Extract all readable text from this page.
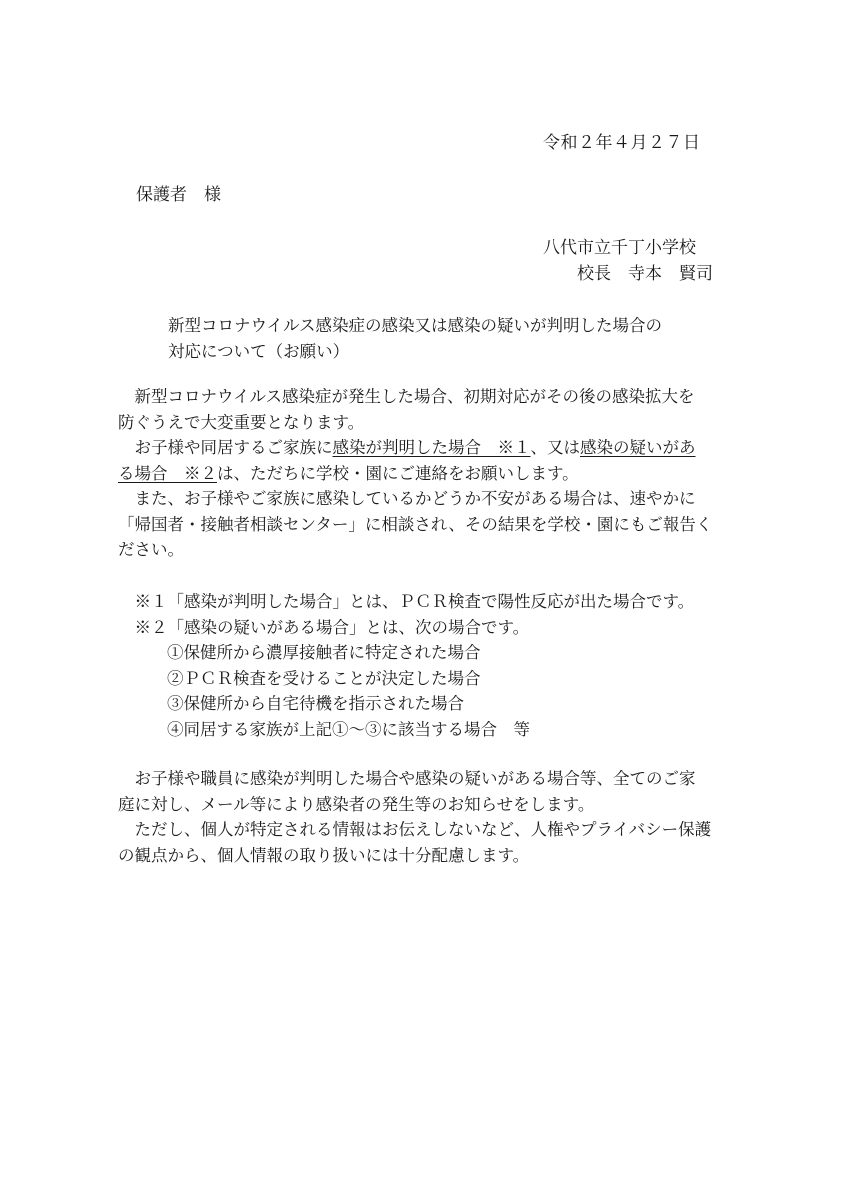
令和２年４月２７日
保護者　様
八代市立千丁小学校
校長　寺本　賢司
新型コロナウイルス感染症の感染又は感染の疑いが判明した場合の
対応について（お願い）
　新型コロナウイルス感染症が発生した場合、初期対応がその後の感染拡大を
防ぐうえで大変重要となります。
　お子様や同居するご家族に感染が判明した場合　※１、又は感染の疑いがあ
る場合　※２は、ただちに学校・園にご連絡をお願いします。
　また、お子様やご家族に感染しているかどうか不安がある場合は、速やかに
「帰国者・接触者相談センター」に相談され、その結果を学校・園にもご報告く
ださい。
　※１「感染が判明した場合」とは、ＰＣＲ検査で陽性反応が出た場合です。
　※２「感染の疑いがある場合」とは、次の場合です。
①保健所から濃厚接触者に特定された場合
②ＰＣＲ検査を受けることが決定した場合
③保健所から自宅待機を指示された場合
④同居する家族が上記①～③に該当する場合　等
　お子様や職員に感染が判明した場合や感染の疑いがある場合等、全てのご家
庭に対し、メール等により感染者の発生等のお知らせをします。
　ただし、個人が特定される情報はお伝えしないなど、人権やプライバシー保護
の観点から、個人情報の取り扱いには十分配慮します。
